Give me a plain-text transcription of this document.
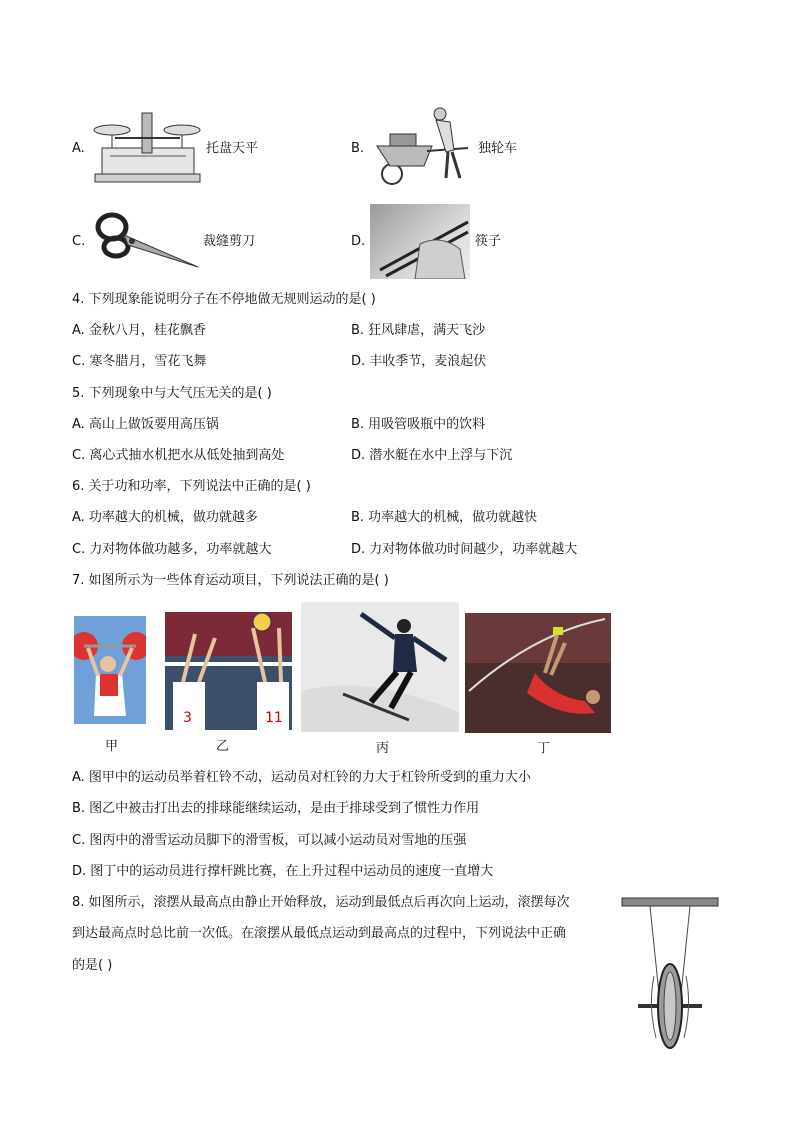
A.	托盘天平	B.	独轮车
C.	裁缝剪刀	D.	筷子
4. 下列现象能说明分子在不停地做无规则运动的是( )
A. 金秋八月，桂花飘香	B. 狂风肆虐，满天飞沙
C. 寒冬腊月，雪花飞舞	D. 丰收季节，麦浪起伏
5. 下列现象中与大气压无关的是( )
A. 高山上做饭要用高压锅	B. 用吸管吸瓶中的饮料
C. 离心式抽水机把水从低处抽到高处	D. 潜水艇在水中上浮与下沉
6. 关于功和功率，下列说法中正确的是( )
A. 功率越大的机械，做功就越多	B. 功率越大的机械，做功就越快
C. 力对物体做功越多，功率就越大	D. 力对物体做功时间越少，功率就越大
7. 如图所示为一些体育运动项目，下列说法正确的是( )
3	11
甲	乙	丙	丁
A. 图甲中的运动员举着杠铃不动，运动员对杠铃的力大于杠铃所受到的重力大小
B. 图乙中被击打出去的排球能继续运动，是由于排球受到了惯性力作用
C. 图丙中的滑雪运动员脚下的滑雪板，可以减小运动员对雪地的压强
D. 图丁中的运动员进行撑杆跳比赛，在上升过程中运动员的速度一直增大
8. 如图所示，滚摆从最高点由静止开始释放，运动到最低点后再次向上运动，滚摆每次
到达最高点时总比前一次低。在滚摆从最低点运动到最高点的过程中，下列说法中正确
的是( )
